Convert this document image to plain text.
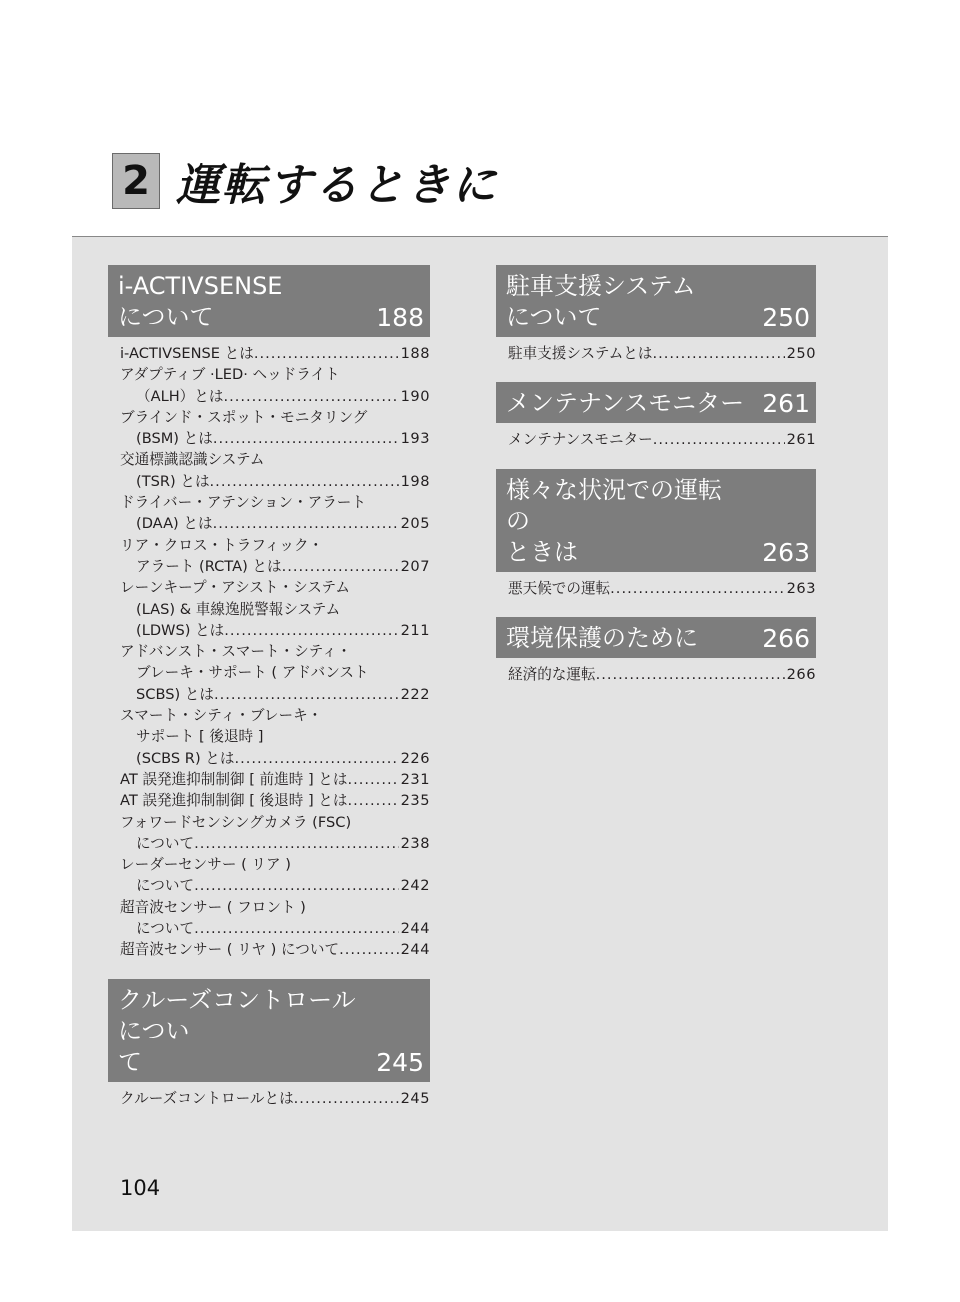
2 運転するときに
i-ACTIVSENSE
について	188
i-ACTIVSENSE とは .....	188
アダプティブ ·LED· ヘッドライト
（ALH）とは .....	190
ブラインド・スポット・モニタリング
(BSM) とは .....	193
交通標識認識システム
(TSR) とは .....	198
ドライバー・アテンション・アラート
(DAA) とは .....	205
リア・クロス・トラフィック・
アラート (RCTA) とは .....	207
レーンキープ・アシスト・システム
(LAS) & 車線逸脱警報システム
(LDWS) とは .....	211
アドバンスト・スマート・シティ・
ブレーキ・サポート ( アドバンスト
SCBS) とは .....	222
スマート・シティ・ブレーキ・
サポート [ 後退時 ]
(SCBS R) とは .....	226
AT 誤発進抑制制御 [ 前進時 ] とは .....	231
AT 誤発進抑制制御 [ 後退時 ] とは .....	235
フォワードセンシングカメラ (FSC)
について .....	238
レーダーセンサー ( リア )
について .....	242
超音波センサー ( フロント )
について .....	244
超音波センサー ( リヤ ) について .....	244
クルーズコントロールについ
て	245
クルーズコントロールとは .....	245
駐車支援システム
について	250
駐車支援システムとは .....	250
メンテナンスモニター 261
メンテナンスモニター .....	261
様々な状況での運転の
ときは	263
悪天候での運転 .....	263
環境保護のために	266
経済的な運転 .....	266
104
